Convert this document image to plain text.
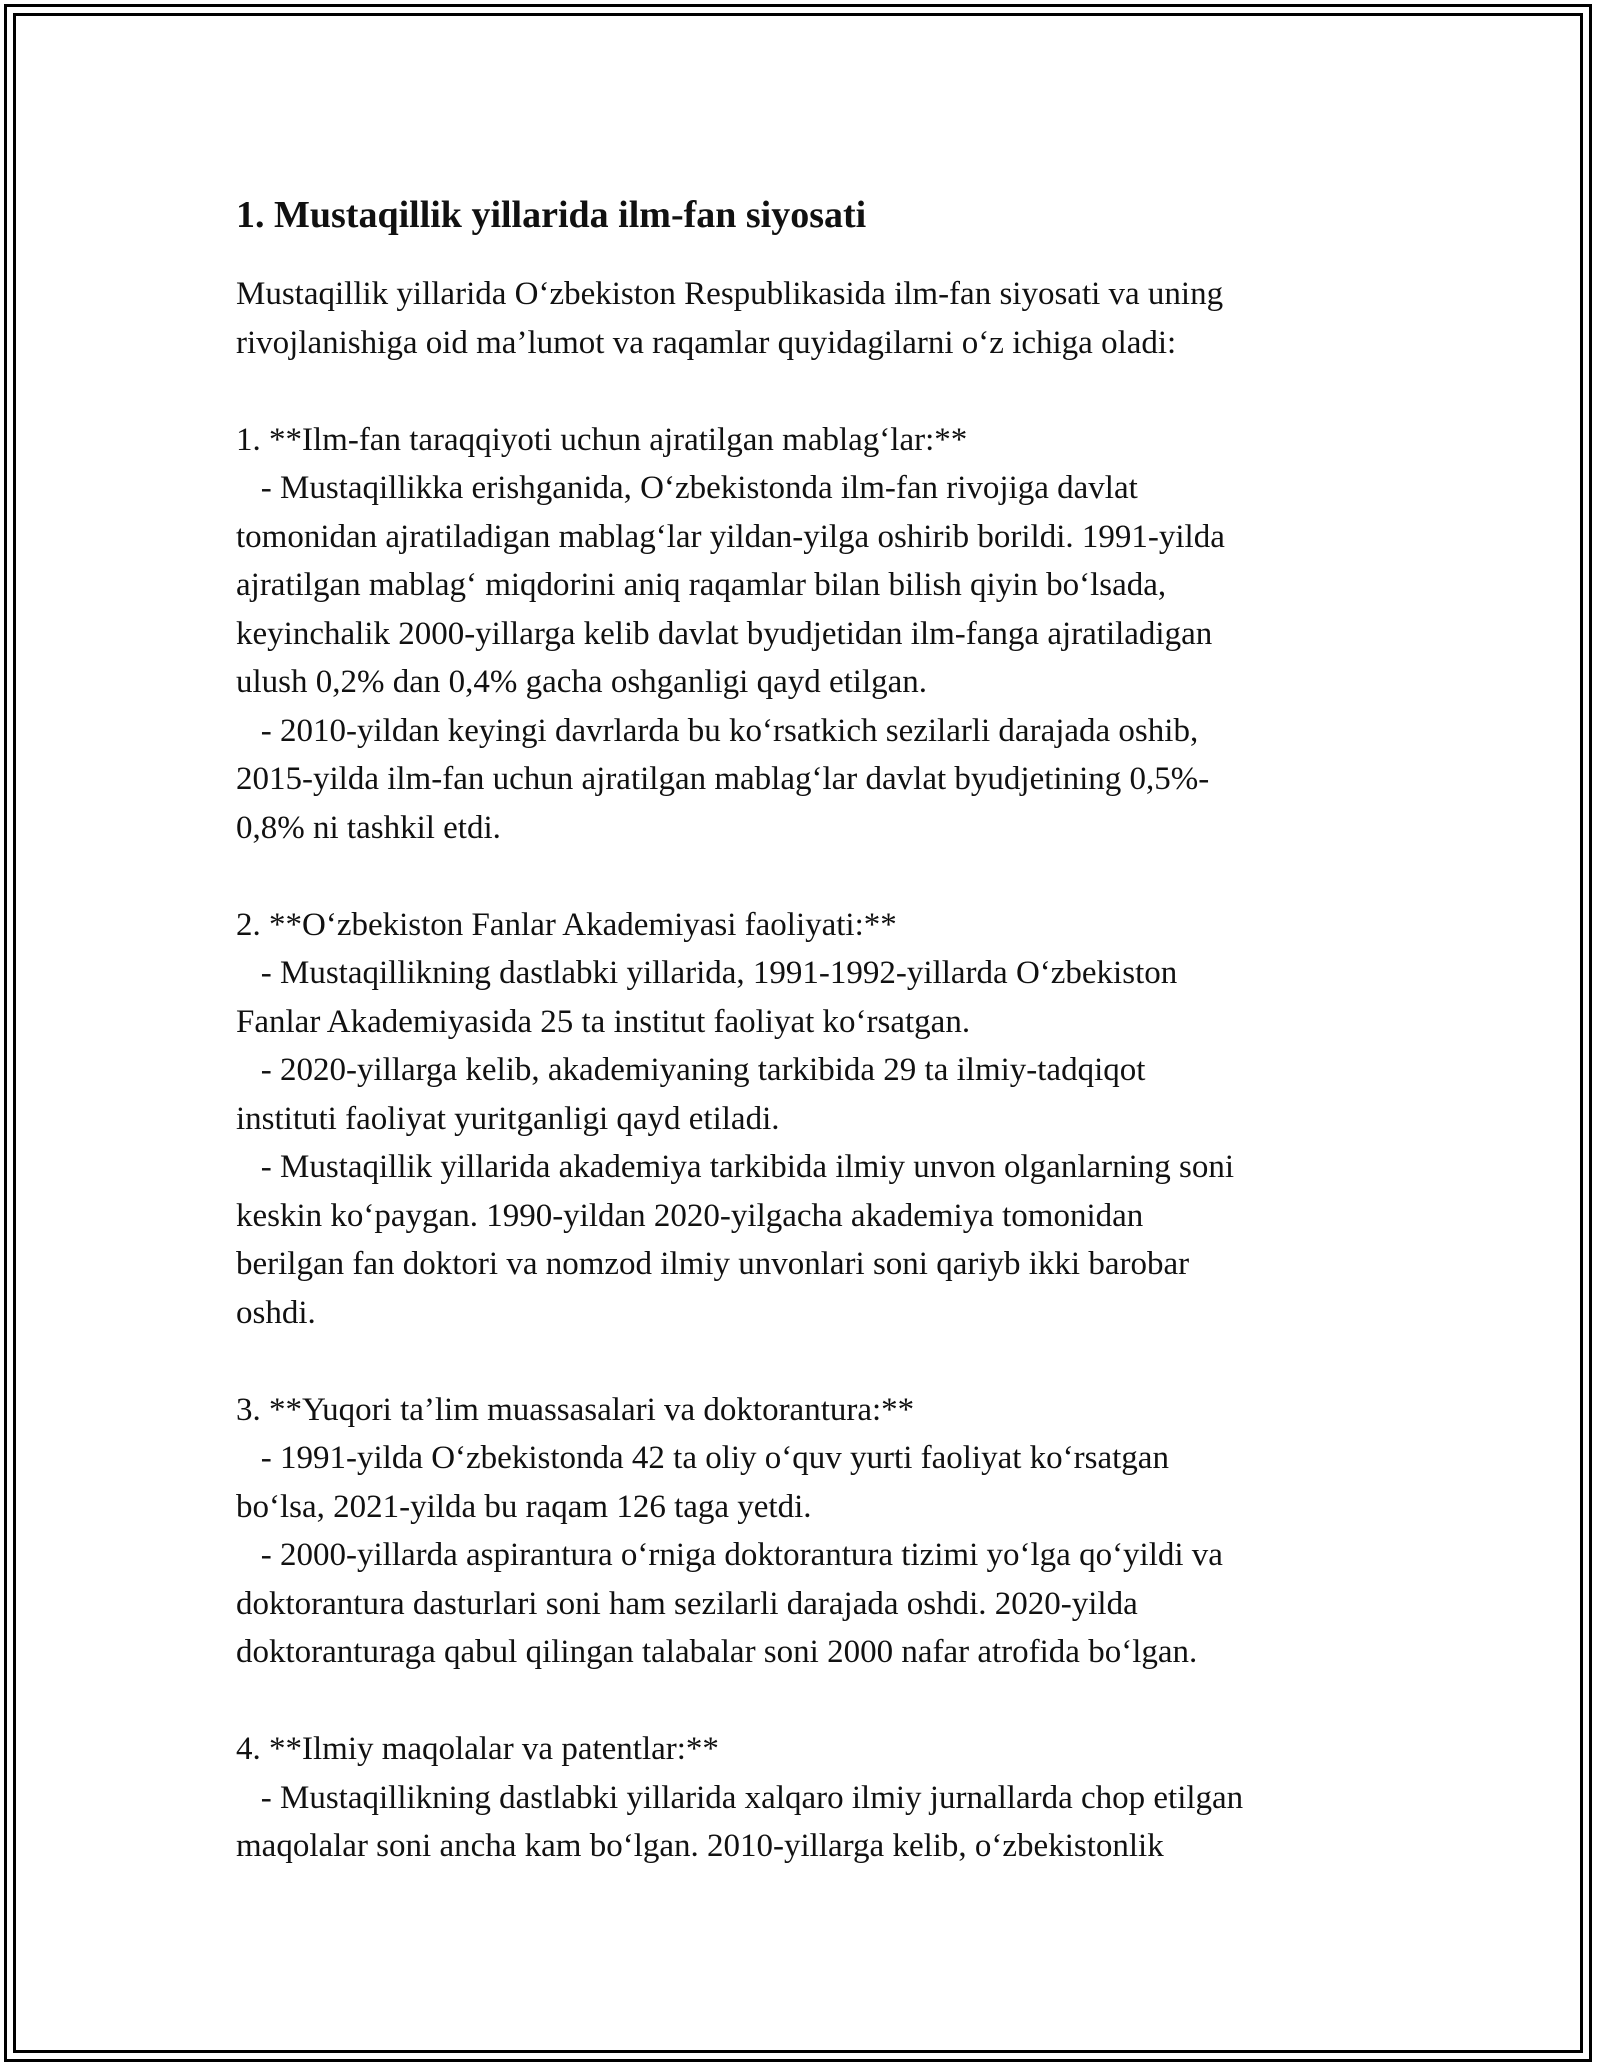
1. Mustaqillik yillarida ilm-fan siyosati

Mustaqillik yillarida O‘zbekiston Respublikasida ilm-fan siyosati va uning

rivojlanishiga oid ma’lumot va raqamlar quyidagilarni o‘z ichiga oladi:

1. **Ilm-fan taraqqiyoti uchun ajratilgan mablag‘lar:**

- Mustaqillikka erishganida, O‘zbekistonda ilm-fan rivojiga davlat

tomonidan ajratiladigan mablag‘lar yildan-yilga oshirib borildi. 1991-yilda

ajratilgan mablag‘ miqdorini aniq raqamlar bilan bilish qiyin bo‘lsada,

keyinchalik 2000-yillarga kelib davlat byudjetidan ilm-fanga ajratiladigan

ulush 0,2% dan 0,4% gacha oshganligi qayd etilgan.

- 2010-yildan keyingi davrlarda bu ko‘rsatkich sezilarli darajada oshib,

2015-yilda ilm-fan uchun ajratilgan mablag‘lar davlat byudjetining 0,5%-

0,8% ni tashkil etdi.

2. **O‘zbekiston Fanlar Akademiyasi faoliyati:**

- Mustaqillikning dastlabki yillarida, 1991-1992-yillarda O‘zbekiston

Fanlar Akademiyasida 25 ta institut faoliyat ko‘rsatgan.

- 2020-yillarga kelib, akademiyaning tarkibida 29 ta ilmiy-tadqiqot

instituti faoliyat yuritganligi qayd etiladi.

- Mustaqillik yillarida akademiya tarkibida ilmiy unvon olganlarning soni

keskin ko‘paygan. 1990-yildan 2020-yilgacha akademiya tomonidan

berilgan fan doktori va nomzod ilmiy unvonlari soni qariyb ikki barobar

oshdi.

3. **Yuqori ta’lim muassasalari va doktorantura:**

- 1991-yilda O‘zbekistonda 42 ta oliy o‘quv yurti faoliyat ko‘rsatgan

bo‘lsa, 2021-yilda bu raqam 126 taga yetdi.

- 2000-yillarda aspirantura o‘rniga doktorantura tizimi yo‘lga qo‘yildi va

doktorantura dasturlari soni ham sezilarli darajada oshdi. 2020-yilda

doktoranturaga qabul qilingan talabalar soni 2000 nafar atrofida bo‘lgan.

4. **Ilmiy maqolalar va patentlar:**

- Mustaqillikning dastlabki yillarida xalqaro ilmiy jurnallarda chop etilgan

maqolalar soni ancha kam bo‘lgan. 2010-yillarga kelib, o‘zbekistonlik
